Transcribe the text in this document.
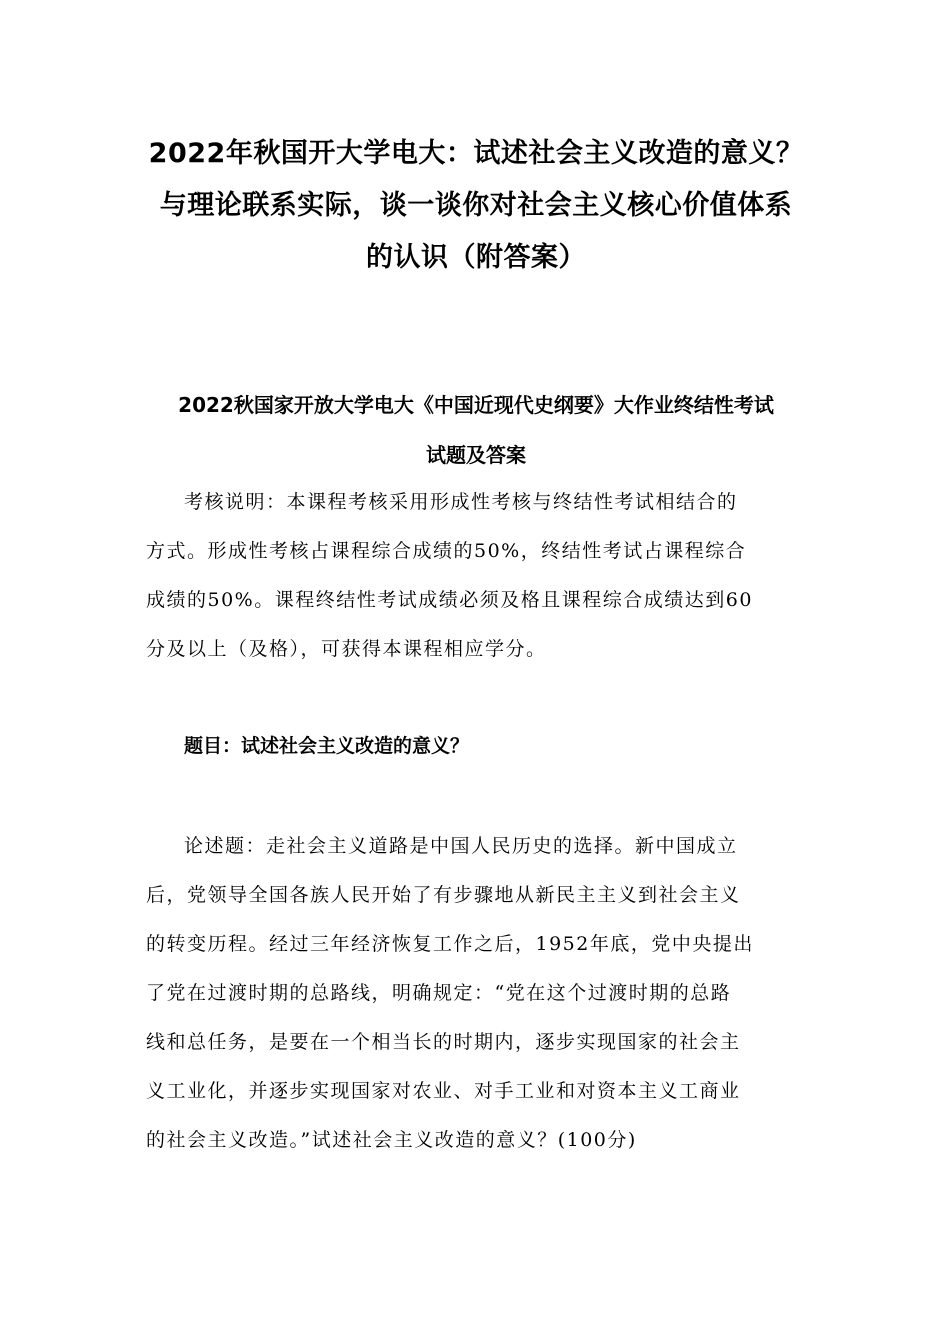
2022年秋国开大学电大：试述社会主义改造的意义？
与理论联系实际，谈一谈你对社会主义核心价值体系
的认识（附答案）
2022秋国家开放大学电大《中国近现代史纲要》大作业终结性考试
试题及答案

考核说明：本课程考核采用形成性考核与终结性考试相结合的
方式。形成性考核占课程综合成绩的50%，终结性考试占课程综合
成绩的50%。课程终结性考试成绩必须及格且课程综合成绩达到60
分及以上（及格），可获得本课程相应学分。

题目：试述社会主义改造的意义？

论述题：走社会主义道路是中国人民历史的选择。新中国成立
后，党领导全国各族人民开始了有步骤地从新民主主义到社会主义
的转变历程。经过三年经济恢复工作之后，1952年底，党中央提出
了党在过渡时期的总路线，明确规定：“党在这个过渡时期的总路
线和总任务，是要在一个相当长的时期内，逐步实现国家的社会主
义工业化，并逐步实现国家对农业、对手工业和对资本主义工商业
的社会主义改造。”试述社会主义改造的意义？(100分)
